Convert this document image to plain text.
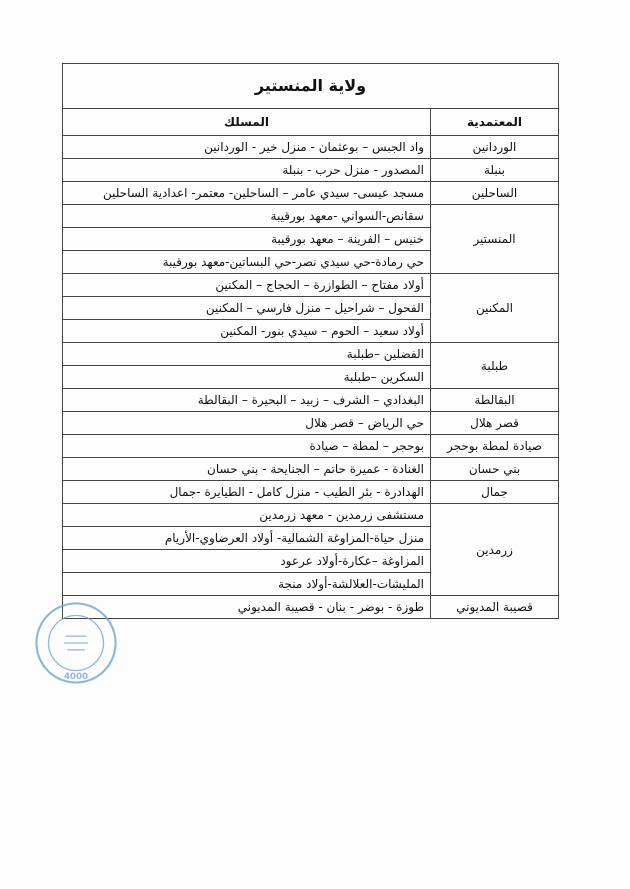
ولاية المنستير	
المعتمدية	المسلك
الوردانين	واد الجبس – بوعثمان - منزل خير - الوردانين
بنبلة	المصدور - منزل حرب - بنبلة
الساحلين	مسجد عيسى- سيدي عامر – الساحلين- معتمر- اعدادية الساحلين
المنستير	سقانص-السواني -معهد بورقيبة
	خنيس – الفرينة – معهد بورقيبة
	حي رمادة-حي سيدي نصر-حي البساتين-معهد بورقيبة
المكنين	أولاد مفتاح – الطوازرة – الحجاج – المكنين
	الفحول – شراحيل – منزل فارسي – المكنين
	أولاد سعيد – الحوم – سيدي بنور- المكنين
طبلبة	الفضلين –طبلبة
	السكرين –طبلبة
البقالطة	البغدادي – الشرف – زبيد – البحيرة – البقالطة
قصر هلال	حي الرياض – قصر هلال
صيادة لمطة بوحجر	بوحجر – لمطة – صيادة
بني حسان	الغنادة - عميرة حاتم – الجنايحة - بني حسان
جمال	الهدادرة - بئر الطيب - منزل كامل - الطيايرة -جمال
زرمدين	مستشفى زرمدين - معهد زرمدين
	منزل حياة-المزاوغة الشمالية- أولاد العرضاوي-الأريام
	المزاوغة –عكارة-أولاد عرعود
	المليشات-العلالشة-أولاد منجة
قصيبة المديوني	طوزة - بوضر - بنان - قصيبة المديوني
4000
